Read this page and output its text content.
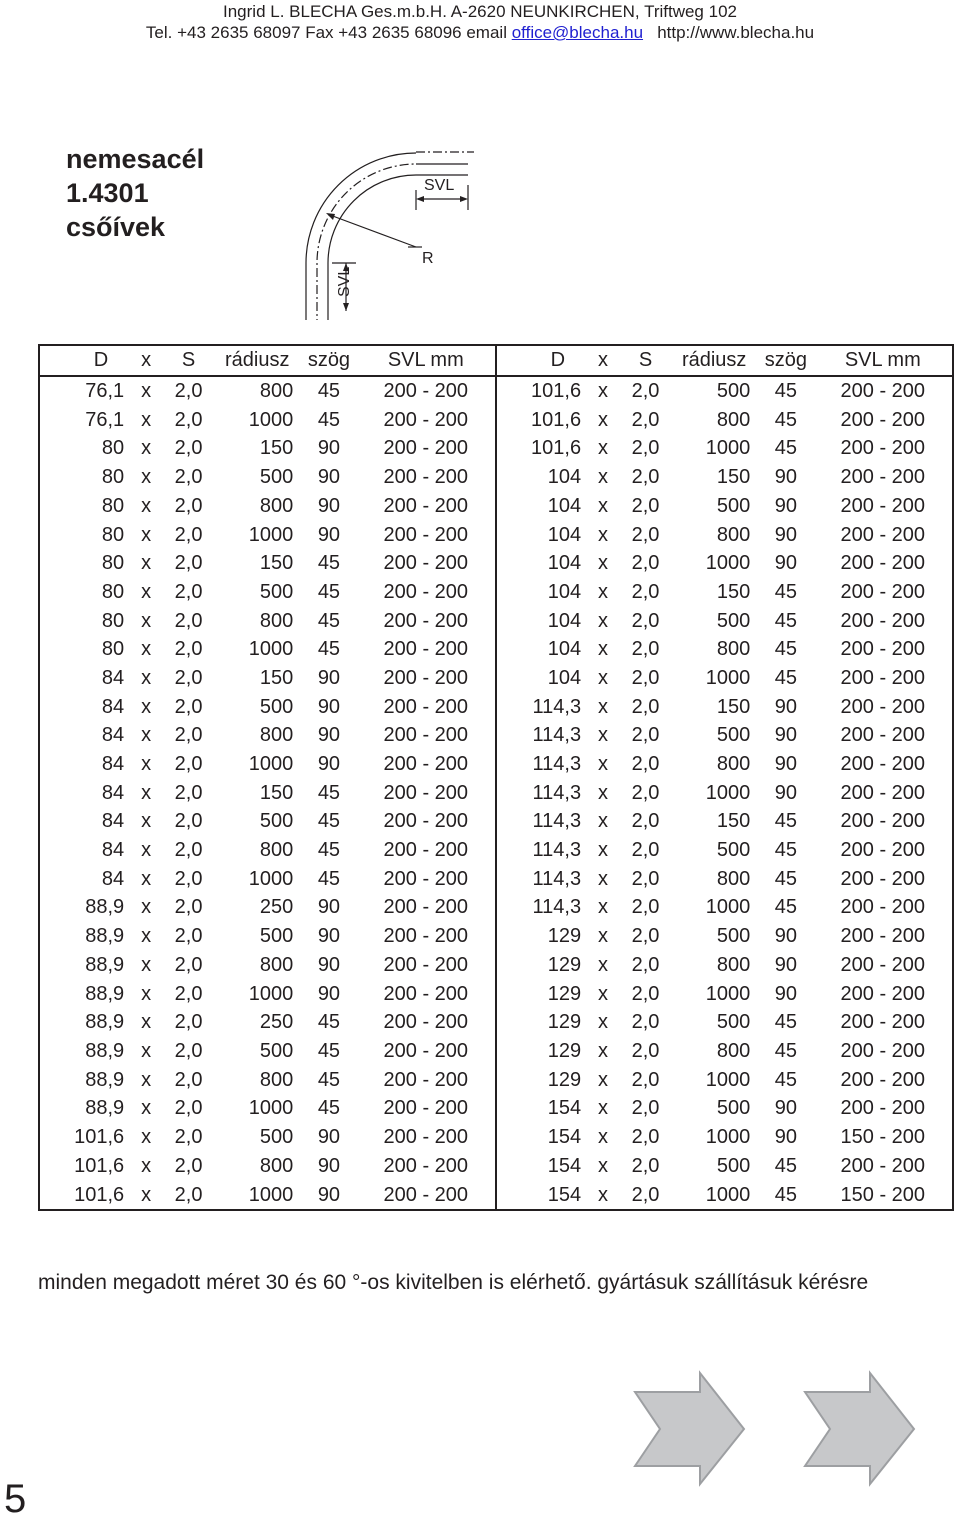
Ingrid L. BLECHA Ges.m.b.H. A-2620 NEUNKIRCHEN, Triftweg 102
Tel. +43 2635 68097 Fax +43 2635 68096 email office@blecha.hu http://www.blecha.hu
nemesacél
1.4301
csőívek
SVL
R
SVL
D	x	S	rádiusz	szög	SVL mm	D	x	S	rádiusz	szög	SVL mm
76,1	x	2,0	800	45	200 - 200	101,6	x	2,0	500	45	200 - 200
76,1	x	2,0	1000	45	200 - 200	101,6	x	2,0	800	45	200 - 200
80	x	2,0	150	90	200 - 200	101,6	x	2,0	1000	45	200 - 200
80	x	2,0	500	90	200 - 200	104	x	2,0	150	90	200 - 200
80	x	2,0	800	90	200 - 200	104	x	2,0	500	90	200 - 200
80	x	2,0	1000	90	200 - 200	104	x	2,0	800	90	200 - 200
80	x	2,0	150	45	200 - 200	104	x	2,0	1000	90	200 - 200
80	x	2,0	500	45	200 - 200	104	x	2,0	150	45	200 - 200
80	x	2,0	800	45	200 - 200	104	x	2,0	500	45	200 - 200
80	x	2,0	1000	45	200 - 200	104	x	2,0	800	45	200 - 200
84	x	2,0	150	90	200 - 200	104	x	2,0	1000	45	200 - 200
84	x	2,0	500	90	200 - 200	114,3	x	2,0	150	90	200 - 200
84	x	2,0	800	90	200 - 200	114,3	x	2,0	500	90	200 - 200
84	x	2,0	1000	90	200 - 200	114,3	x	2,0	800	90	200 - 200
84	x	2,0	150	45	200 - 200	114,3	x	2,0	1000	90	200 - 200
84	x	2,0	500	45	200 - 200	114,3	x	2,0	150	45	200 - 200
84	x	2,0	800	45	200 - 200	114,3	x	2,0	500	45	200 - 200
84	x	2,0	1000	45	200 - 200	114,3	x	2,0	800	45	200 - 200
88,9	x	2,0	250	90	200 - 200	114,3	x	2,0	1000	45	200 - 200
88,9	x	2,0	500	90	200 - 200	129	x	2,0	500	90	200 - 200
88,9	x	2,0	800	90	200 - 200	129	x	2,0	800	90	200 - 200
88,9	x	2,0	1000	90	200 - 200	129	x	2,0	1000	90	200 - 200
88,9	x	2,0	250	45	200 - 200	129	x	2,0	500	45	200 - 200
88,9	x	2,0	500	45	200 - 200	129	x	2,0	800	45	200 - 200
88,9	x	2,0	800	45	200 - 200	129	x	2,0	1000	45	200 - 200
88,9	x	2,0	1000	45	200 - 200	154	x	2,0	500	90	200 - 200
101,6	x	2,0	500	90	200 - 200	154	x	2,0	1000	90	150 - 200
101,6	x	2,0	800	90	200 - 200	154	x	2,0	500	45	200 - 200
101,6	x	2,0	1000	90	200 - 200	154	x	2,0	1000	45	150 - 200
minden megadott méret 30 és 60 °-os kivitelben is elérhető. gyártásuk szállításuk kérésre
5
